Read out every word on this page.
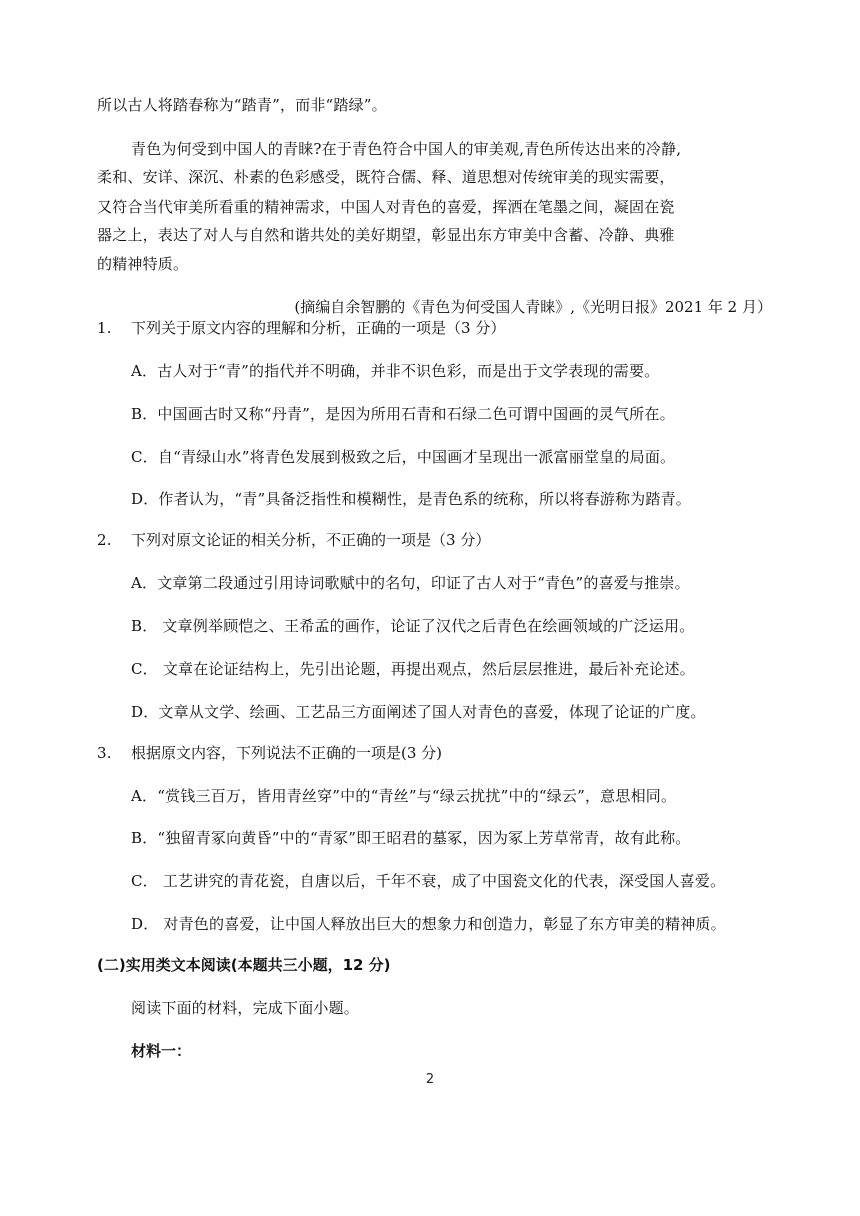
所以古人将踏春称为“踏青”，而非“踏绿”。
青色为何受到中国人的青睐?在于青色符合中国人的审美观,青色所传达出来的冷静,
柔和、安详、深沉、朴素的色彩感受，既符合儒、释、道思想对传统审美的现实需要，
又符合当代审美所看重的精神需求，中国人对青色的喜爱，挥洒在笔墨之间，凝固在瓷
器之上，表达了对人与自然和谐共处的美好期望，彰显出东方审美中含蓄、冷静、典雅
的精神特质。
(摘编自余智鹏的《青色为何受国人青睐》,《光明日报》2021 年 2 月）
1. 下列关于原文内容的理解和分析，正确的一项是（3 分）
A．古人对于“青”的指代并不明确，并非不识色彩，而是出于文学表现的需要。
B．中国画古时又称“丹青”，是因为所用石青和石绿二色可谓中国画的灵气所在。
C．自“青绿山水”将青色发展到极致之后，中国画才呈现出一派富丽堂皇的局面。
D．作者认为，“青”具备泛指性和模糊性，是青色系的统称，所以将春游称为踏青。
2. 下列对原文论证的相关分析，不正确的一项是（3 分）
A．文章第二段通过引用诗词歌赋中的名句，印证了古人对于“青色”的喜爱与推崇。
B． 文章例举顾恺之、王希孟的画作，论证了汉代之后青色在绘画领域的广泛运用。
C． 文章在论证结构上，先引出论题，再提出观点，然后层层推进，最后补充论述。
D．文章从文学、绘画、工艺品三方面阐述了国人对青色的喜爱，体现了论证的广度。
3. 根据原文内容，下列说法不正确的一项是(3 分)
A．“赏钱三百万，皆用青丝穿”中的“青丝”与“绿云扰扰”中的“绿云”，意思相同。
B．“独留青冢向黄昏”中的“青冢”即王昭君的墓冢，因为冢上芳草常青，故有此称。
C． 工艺讲究的青花瓷，自唐以后，千年不衰，成了中国瓷文化的代表，深受国人喜爱。
D． 对青色的喜爱，让中国人释放出巨大的想象力和创造力，彰显了东方审美的精神质。
(二)实用类文本阅读(本题共三小题，12 分)
阅读下面的材料，完成下面小题。
材料一：
2
